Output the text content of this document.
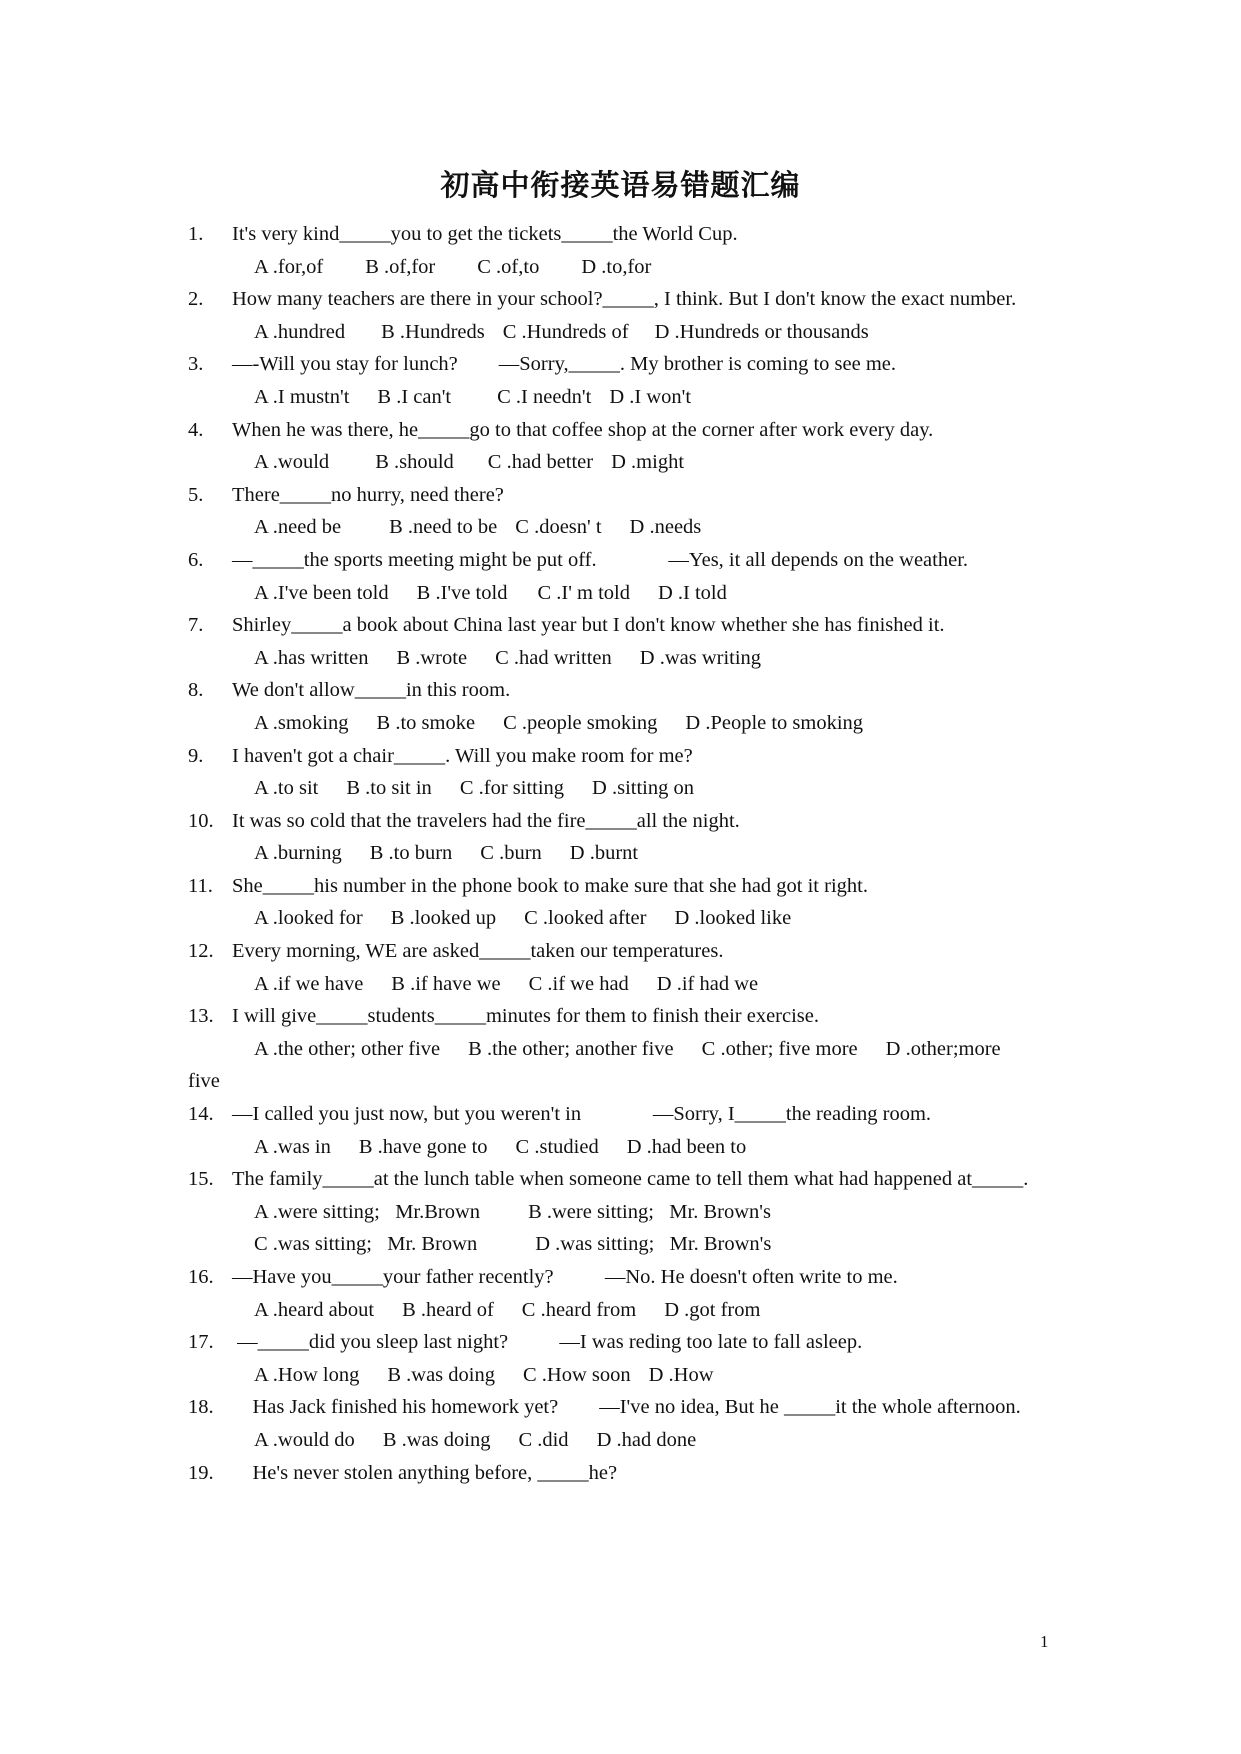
初高中衔接英语易错题汇编
1. It's very kind_____you to get the tickets_____the World Cup.
A .for,of B .of,for C .of,to D .to,for
2. How many teachers are there in your school?_____, I think. But I don't know the exact number.
A .hundred B .Hundreds C .Hundreds of D .Hundreds or thousands
3. —-Will you stay for lunch?        —Sorry,_____. My brother is coming to see me.
A .I mustn't B .I can't C .I needn't D .I won't
4. When he was there, he_____go to that coffee shop at the corner after work every day.
A .would B .should C .had better D .might
5. There_____no hurry, need there?
A .need be B .need to be C .doesn' t D .needs
6. —_____the sports meeting might be put off.              —Yes, it all depends on the weather.
A .I've been told B .I've told C .I' m told D .I told
7. Shirley_____a book about China last year but I don't know whether she has finished it.
A .has written B .wrote C .had written D .was writing
8. We don't allow_____in this room.
A .smoking B .to smoke C .people smoking D .People to smoking
9. I haven't got a chair_____. Will you make room for me?
A .to sit B .to sit in C .for sitting D .sitting on
10. It was so cold that the travelers had the fire_____all the night.
A .burning B .to burn C .burn D .burnt
11. She_____his number in the phone book to make sure that she had got it right.
A .looked for B .looked up C .looked after D .looked like
12. Every morning, WE are asked_____taken our temperatures.
A .if we have B .if have we C .if we had D .if had we
13. I will give_____students_____minutes for them to finish their exercise.
A .the other; other five B .the other; another five C .other; five more D .other;more
five
14. —I called you just now, but you weren't in              —Sorry, I_____the reading room.
A .was in B .have gone to C .studied D .had been to
15. The family_____at the lunch table when someone came to tell them what had happened at_____.
A .were sitting;   Mr.Brown B .were sitting;   Mr. Brown's
C .was sitting;   Mr. Brown	D .was sitting;   Mr. Brown's
16. —Have you_____your father recently?          —No. He doesn't often write to me.
A .heard about B .heard of C .heard from D .got from
17. —_____did you sleep last night?          —I was reding too late to fall asleep.
A .How long B .was doing C .How soon D .How
18. Has Jack finished his homework yet?        —I've no idea, But he _____it the whole afternoon.
A .would do B .was doing C .did D .had done
19. He's never stolen anything before, _____he?
1
